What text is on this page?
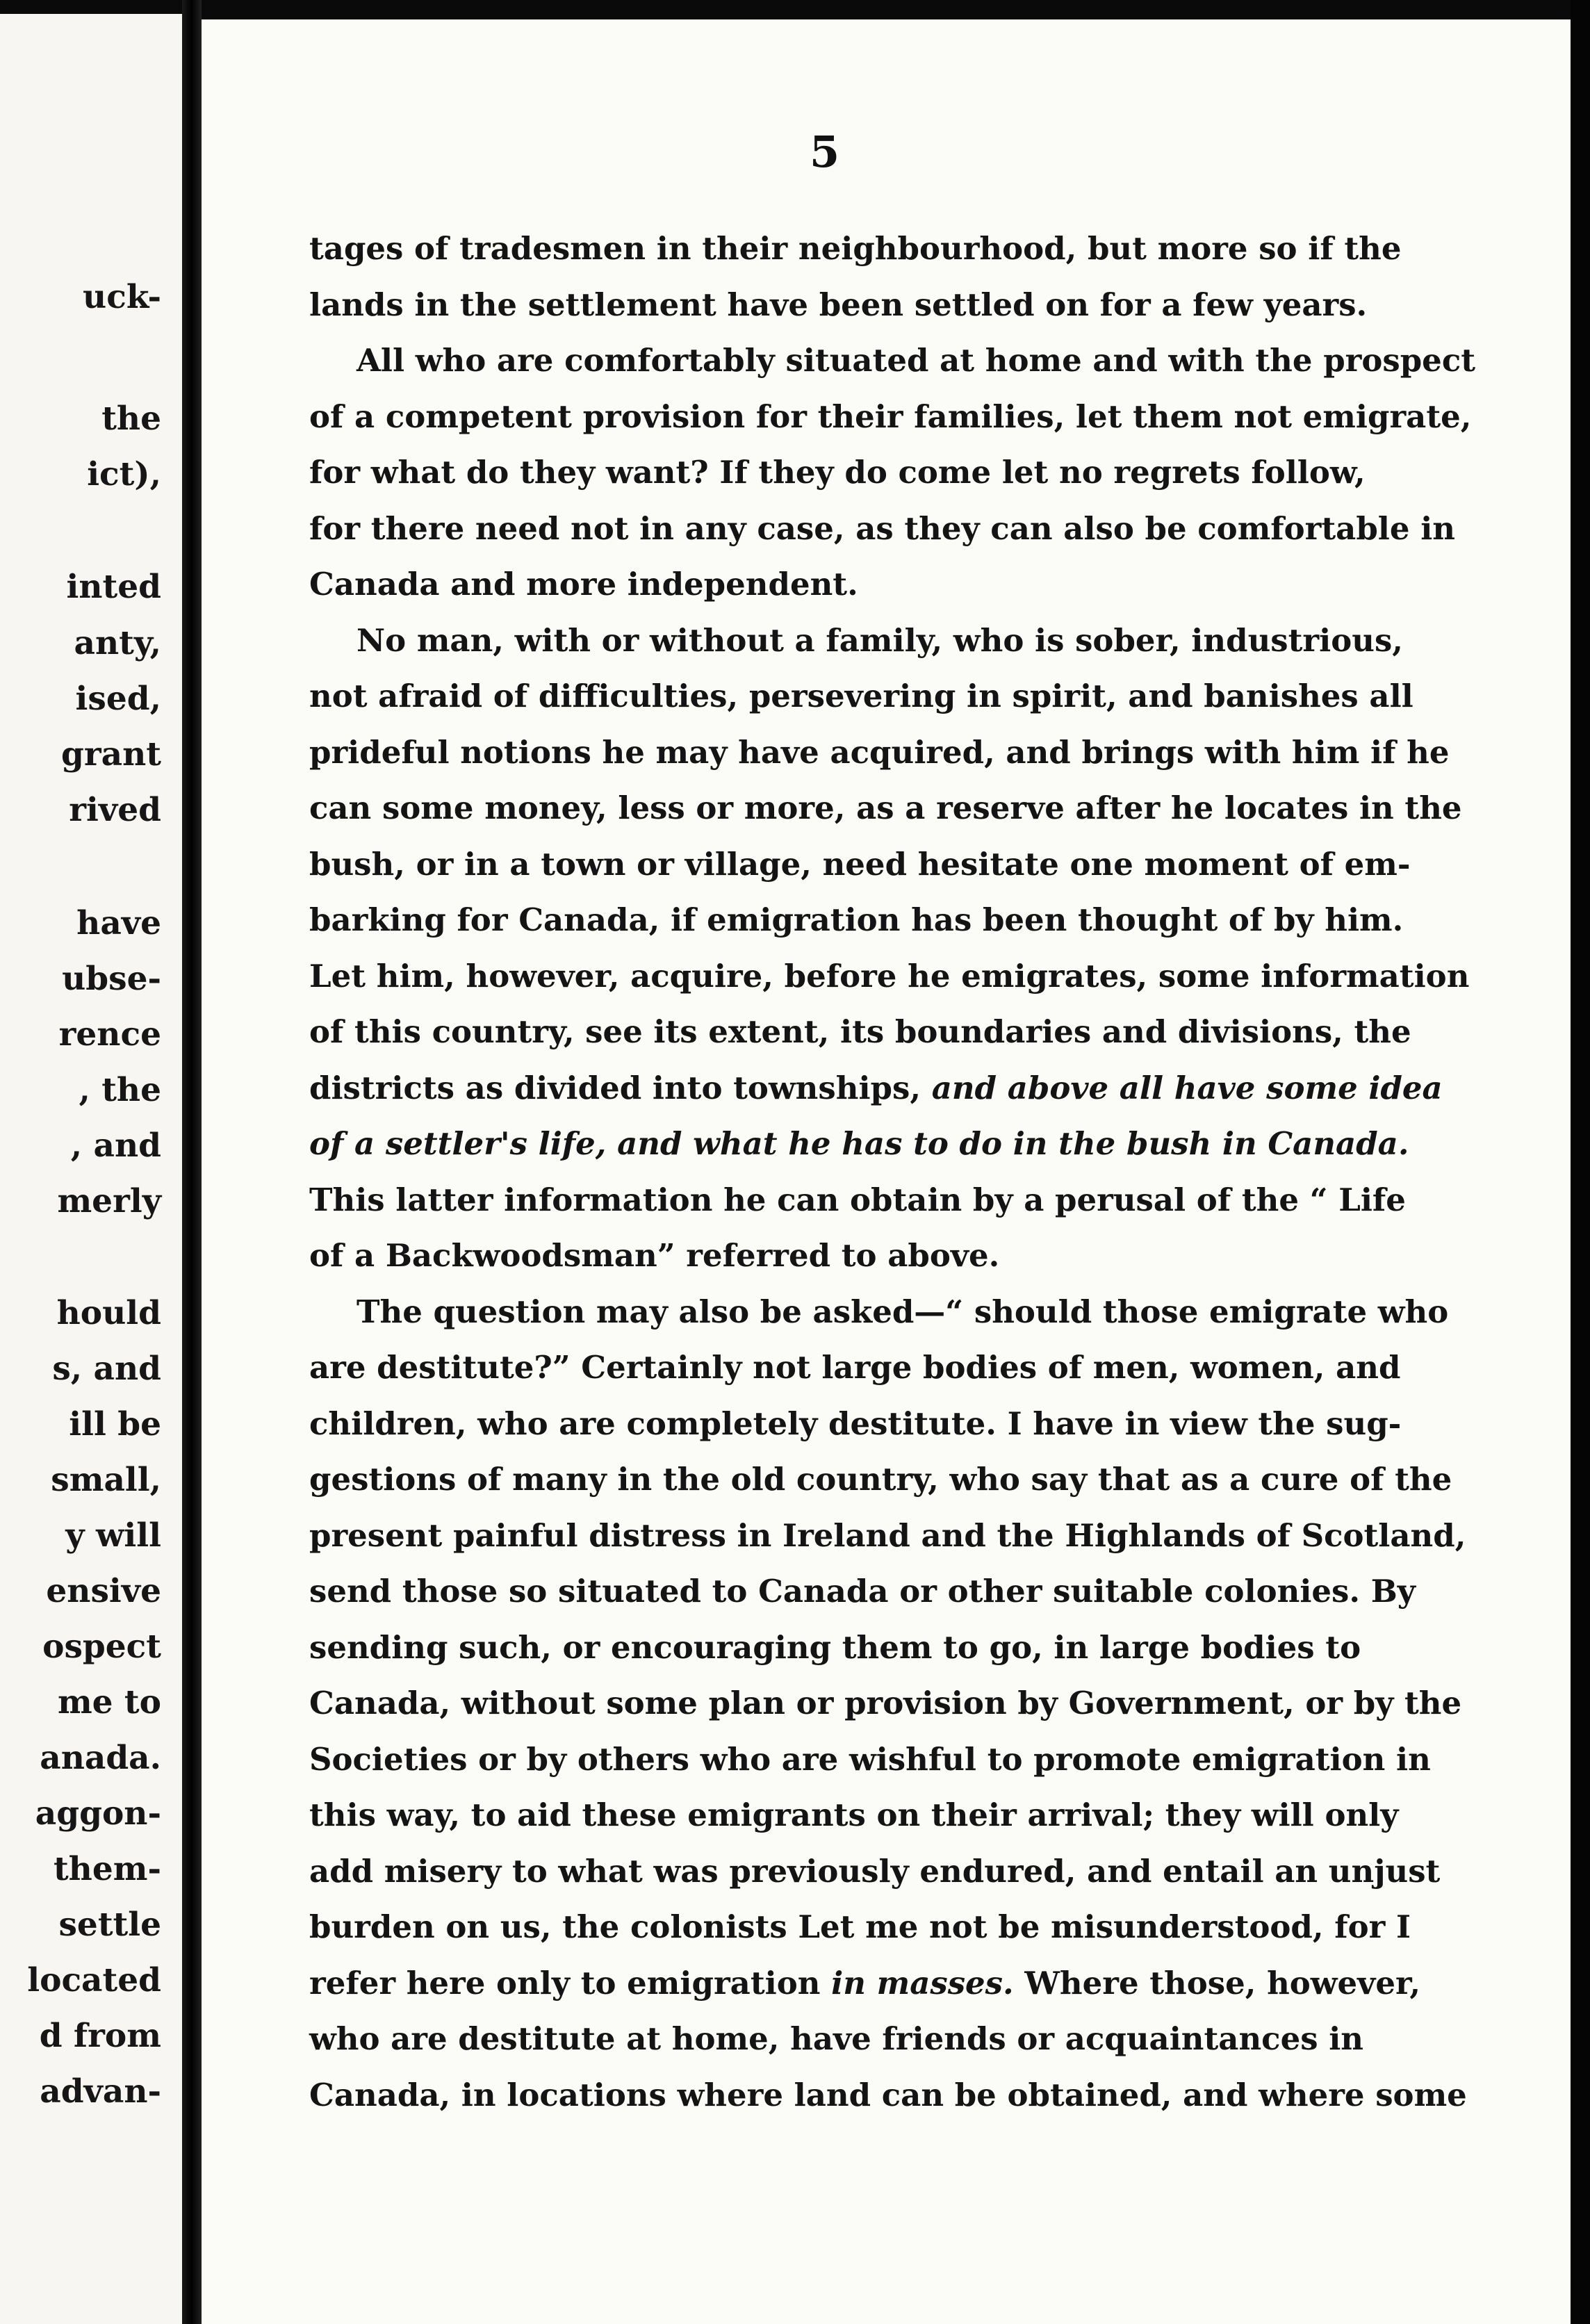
uck-
the
ict),
inted
anty,
ised,
grant
rived
have
ubse-
rence
, the
, and
merly
hould
s, and
ill be
small,
y will
ensive
ospect
me to
anada.
aggon-
them-
settle
located
d from
advan-
5
tages of tradesmen in their neighbourhood, but more so if the
lands in the settlement have been settled on for a few years.
All who are comfortably situated at home and with the prospect
of a competent provision for their families, let them not emigrate,
for what do they want? If they do come let no regrets follow,
for there need not in any case, as they can also be comfortable in
Canada and more independent.
No man, with or without a family, who is sober, industrious,
not afraid of difficulties, persevering in spirit, and banishes all
prideful notions he may have acquired, and brings with him if he
can some money, less or more, as a reserve after he locates in the
bush, or in a town or village, need hesitate one moment of em-
barking for Canada, if emigration has been thought of by him.
Let him, however, acquire, before he emigrates, some information
of this country, see its extent, its boundaries and divisions, the
districts as divided into townships, and above all have some idea
of a settler's life, and what he has to do in the bush in Canada.
This latter information he can obtain by a perusal of the “ Life
of a Backwoodsman” referred to above.
The question may also be asked—“ should those emigrate who
are destitute?” Certainly not large bodies of men, women, and
children, who are completely destitute. I have in view the sug-
gestions of many in the old country, who say that as a cure of the
present painful distress in Ireland and the Highlands of Scotland,
send those so situated to Canada or other suitable colonies. By
sending such, or encouraging them to go, in large bodies to
Canada, without some plan or provision by Government, or by the
Societies or by others who are wishful to promote emigration in
this way, to aid these emigrants on their arrival; they will only
add misery to what was previously endured, and entail an unjust
burden on us, the colonists Let me not be misunderstood, for I
refer here only to emigration in masses. Where those, however,
who are destitute at home, have friends or acquaintances in
Canada, in locations where land can be obtained, and where some
